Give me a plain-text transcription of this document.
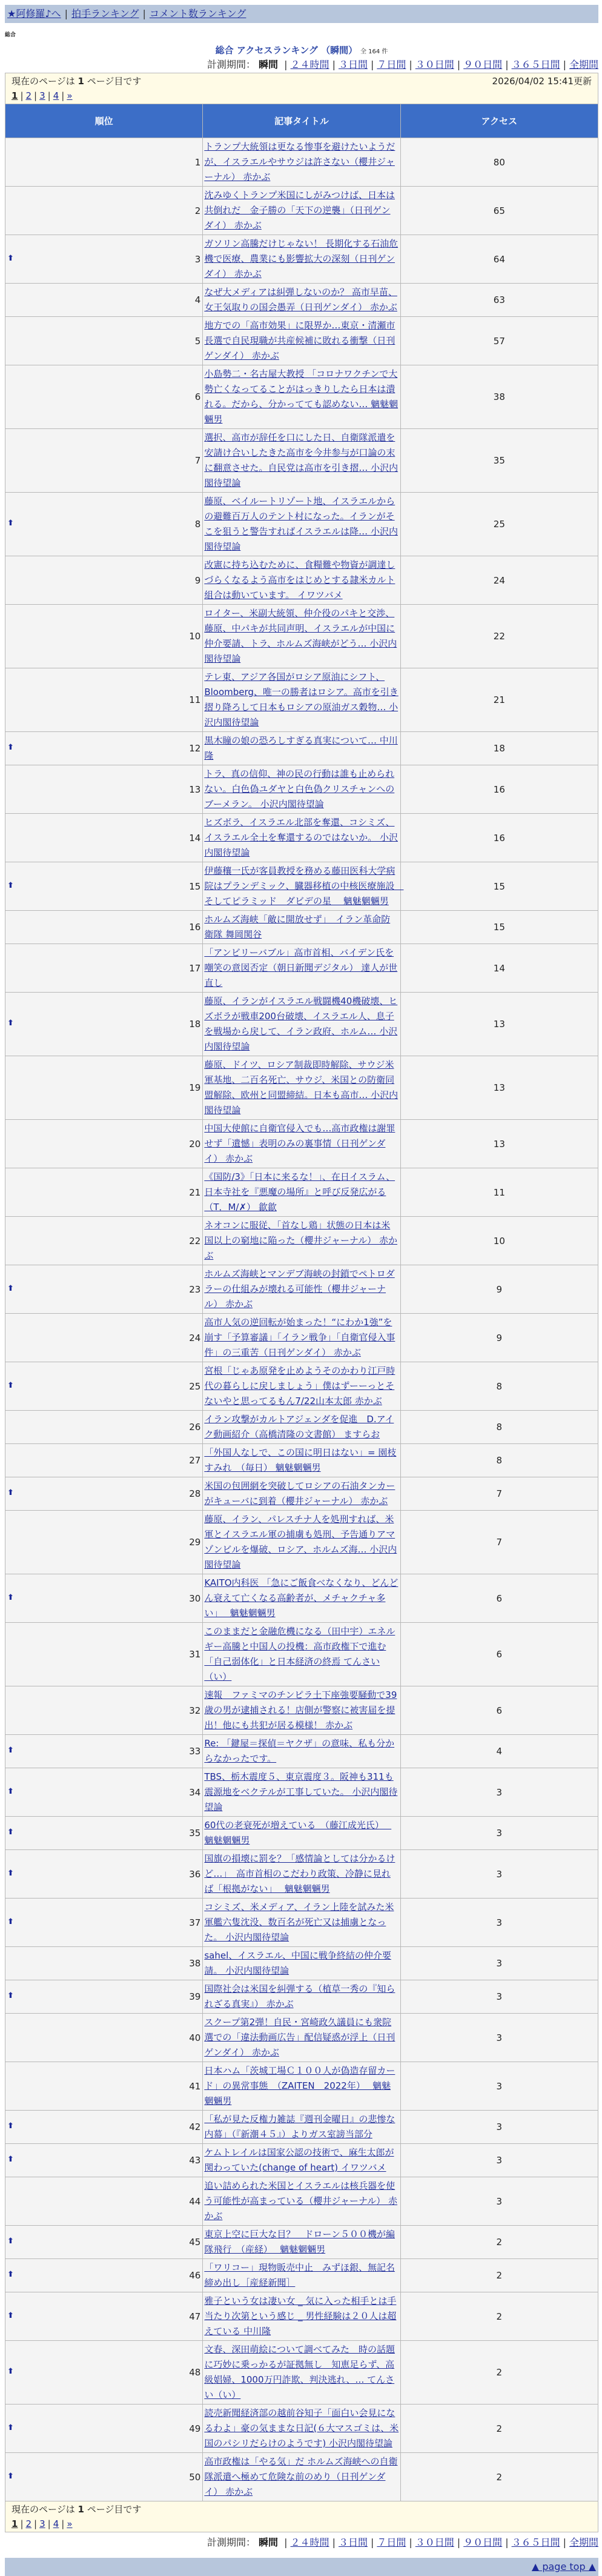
★阿修羅♪へ | 拍手ランキング | コメント数ランキング
総合
総合 アクセスランキング （瞬間） 全 164 件
計測期間： 瞬間 | ２４時間 | ３日間 | ７日間 | ３０日間 | ９０日間 | ３６５日間 | 全期間
2026/04/02 15:41更新
現在のページは 1 ページ目です
1 | 2 | 3 | 4 | »		

順位	記事タイトル	アクセス
1	トランプ大統領は更なる惨事を避けたいようだが、イスラエルやサウジは許さない（櫻井ジャーナル） 赤かぶ	80
2	沈みゆくトランプ米国にしがみつけば、日本は共倒れだ　金子勝の「天下の逆襲」（日刊ゲンダイ） 赤かぶ	65

⬆ 3	ガソリン高騰だけじゃない！ 長期化する石油危機で医療、農業にも影響拡大の深刻（日刊ゲンダイ） 赤かぶ	64
4	なぜ大メディアは糾弾しないのか？ 高市早苗、女王気取りの国会愚弄（日刊ゲンダイ） 赤かぶ	63
5	地方での「高市効果」に限界か…東京・清瀬市長選で自民現職が共産候補に敗れる衝撃（日刊ゲンダイ） 赤かぶ	57
6	小島勢二・名古屋大教授 「コロナワクチンで大勢亡くなってることがはっきりしたら日本は潰れる。だから、分かってても認めない… 魑魅魍魎男	38
7	選択、高市が辞任を口にした日、自衛隊派遣を安請け合いしたきた高市を今井参与が口論の末に翻意させた。自民党は高市を引き摺… 小沢内閣待望論	35

⬆ 8	藤原、ベイルートリゾート地、イスラエルからの避難百万人のテント村になった。イランがそこを狙うと警告すればイスラエルは降… 小沢内閣待望論	25
9	改憲に持ち込むために、食糧難や物資が調達しづらくなるよう高市をはじめとする隷米カルト組合は動いています。 イワツバメ	24
10	ロイター、米副大統領、仲介役のパキと交渉、藤原、中パキが共同声明、イスラエルが中国に仲介要請、トラ、ホルムズ海峡がどう… 小沢内閣待望論	22
11	テレ東、アジア各国がロシア原油にシフト、Bloomberg、唯一の勝者はロシア。高市を引き摺り降ろして日本もロシアの原油ガス穀物… 小沢内閣待望論	21

⬆ 12	黒木瞳の娘の恐ろしすぎる真実について… 中川隆	18
13	トラ、真の信仰、神の民の行動は誰も止められない。白色偽ユダヤと白色偽クリスチャンへのブーメラン。 小沢内閣待望論	16
14	ヒズボラ、イスラエル北部を奪還、コシミズ、イスラエル全土を奪還するのではないか。 小沢内閣待望論	16

⬆ 15	伊藤穰一氏が客員教授を務める藤田医科大学病院はプランデミック、臓器移植の中核医療施設　そしてピラミッド　ダビデの星　 魑魅魍魎男	15
16	ホルムズ海峡「敵に開放せず」　イラン革命防衛隊 舞岡関谷	15
17	「アンビリーバブル」高市首相、バイデン氏を嘲笑の意図否定（朝日新聞デジタル） 達人が世直し	14

⬆ 18	藤原、イランがイスラエル戦闘機40機破壊、ヒズボラが戦車200台破壊、イスラエル人、息子を戦場から戻して、イラン政府、ホルム… 小沢内閣待望論	13
19	藤原、ドイツ、ロシア制裁即時解除、サウジ米軍基地、二百名死亡、サウジ、米国との防衛同盟解除、欧州と同盟締結。日本も高市… 小沢内閣待望論	13
20	中国大使館に自衛官侵入でも…高市政権は謝罪せず「遺憾」表明のみの裏事情（日刊ゲンダイ） 赤かぶ	13
21	《国防/3》「日本に来るな！」、在日イスラム、日本寺社を『悪魔の場所』と呼び反発広がる（T．M/✗） 歙歙	11
22	ネオコンに服従、「首なし鶏」状態の日本は米国以上の窮地に陥った（櫻井ジャーナル） 赤かぶ	10

⬆ 23	ホルムズ海峡とマンデブ海峡の封鎖でペトロダラーの仕組みが壊れる可能性（櫻井ジャーナル） 赤かぶ	9
24	高市人気の逆回転が始まった！“にわか1強”を崩す「予算審議」「イラン戦争」「自衛官侵入事件」の三重苦（日刊ゲンダイ） 赤かぶ	9

⬆ 25	宮根「じゃあ原発を止めようそのかわり江戸時代の暮らしに戻しましょう」僕はずーーっとそないやと思ってるもん7/22山本太郎 赤かぶ	8
26	イラン攻撃がカルトアジェンダを促進　D.アイク動画紹介（高橋清隆の文書館） ますらお	8
27	「外国人なしで、この国に明日はない」= 園枝すみれ　（毎日） 魑魅魍魎男	8

⬆ 28	米国の包囲網を突破してロシアの石油タンカーがキューバに到着（櫻井ジャーナル） 赤かぶ	7
29	藤原、イラン、パレスチナ人を処刑すれば、米軍とイスラエル軍の捕虜も処刑、予告通りアマゾンビルを爆破、ロシア、ホルムズ海… 小沢内閣待望論	7

⬆ 30	KAITO内科医 「急にご飯食べなくなり、どんどん衰えて亡くなる高齢者が、メチャクチャ多い」　 魑魅魍魎男	6
31	このままだと金融危機になる（田中宇）エネルギー高騰と中国人の投機：高市政権下で進む「自己弱体化」と日本経済の終焉 てんさい（い）	6
32	速報　ファミマのチンピラ土下座強要騒動で39歳の男が逮捕される！店側が警察に被害届を提出！他にも共犯が居る模様！ 赤かぶ	6

⬆ 33	Re: 「鍵屋＝探偵＝ヤクザ」の意味、私も分からなかったです。	4

⬆ 34	TBS、栃木震度５、東京震度３。阪神も311も震源地をベクテルが工事していた。 小沢内閣待望論	3

⬆ 35	60代の老衰死が増えている　（藤江成光氏）　 魑魅魍魎男	3

⬆ 36	国旗の損壊に罰を？「感情論としては分かるけど…」　高市首相のこだわり政策、冷静に見れば「根拠がない」　 魑魅魍魎男	3

⬆ 37	コシミズ、米メディア、イラン上陸を試みた米軍艦六隻沈没、数百名が死亡又は捕虜となった。 小沢内閣待望論	3
38	sahel、イスラエル、中国に戦争終結の仲介要請。 小沢内閣待望論	3

⬆ 39	国際社会は米国を糾弾する（植草一秀の『知られざる真実』） 赤かぶ	3
40	スクープ第2弾！自民・宮崎政久議員にも衆院選での「違法動画広告」配信疑惑が浮上（日刊ゲンダイ） 赤かぶ	3
41	日本ハム「茨城工場Ｃ１００人が偽造存留カード」の異常事態　（ZAITEN　2022年）　 魑魅魍魎男	3

⬆ 42	「私が見た反権力雑誌『週刊金曜日』の悲惨な内幕」（『新潮４５』）よりガス室謗当部分	3

⬆ 43	ケムトレイルは国家公認の技術で、麻生太郎が関わっていた(change of heart) イワツバメ	3
44	追い詰められた米国とイスラエルは核兵器を使う可能性が高まっている（櫻井ジャーナル） 赤かぶ	3

⬆ 45	東京上空に巨大な目？　ドローン５００機が編隊飛行　（産経）　 魑魅魍魎男	2

⬆ 46	「ワリコー」現物販売中止　みずほ銀、無記名締め出し［産経新聞］	2

⬆ 47	雅子という女は凄い女 _ 気に入った相手とは手当たり次第という感じ _ 男性経験は２０人は超えている 中川隆	2

⬆ 48	文春、深田萌絵について調べてみた　時の話題に巧妙に乗っかるが証拠無し　知恵足らず、高級娼婦、1000万円詐欺、判決逃れ、… てんさい（い）	2

⬆ 49	読売新聞経済部の越前谷知子「面白い会見になるわよ」豪の気ままな日記(６大マスゴミは、米国のパシリだらけのようです) 小沢内閣待望論	2

⬆ 50	高市政権は「やる気」だ ホルムズ海峡への自衛隊派遣へ極めて危険な前のめり（日刊ゲンダイ） 赤かぶ	2
現在のページは 1 ページ目です
1 | 2 | 3 | 4 | »		
計測期間： 瞬間 | ２４時間 | ３日間 | ７日間 | ３０日間 | ９０日間 | ３６５日間 | 全期間
▲ page top ▲
